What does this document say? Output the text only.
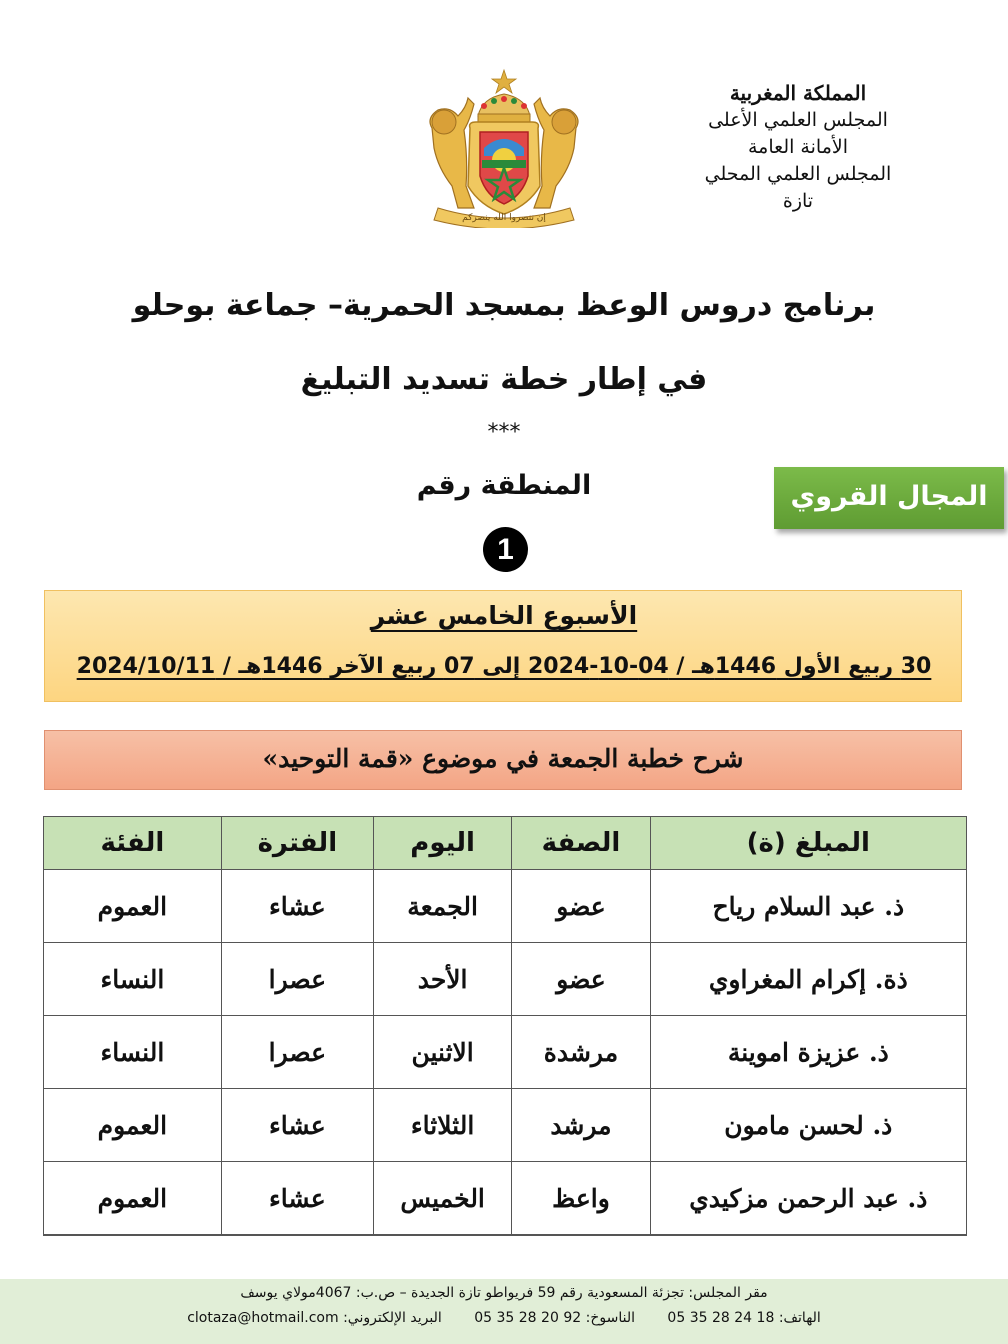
المملكة المغربية
المجلس العلمي الأعلى
الأمانة العامة
المجلس العلمي المحلي
تازة
إن تنصروا الله ينصركم
برنامج دروس الوعظ بمسجد الحمرية– جماعة بوحلو
في إطار خطة تسديد التبليغ
***
المنطقة رقم
1
المجال القروي
الأسبوع الخامس عشر
30 ربيع الأول 1446هـ / 04-10-2024 إلى 07 ربيع الآخر 1446هـ / 2024/10/11
شرح خطبة الجمعة في موضوع «قمة التوحيد»
المبلغ (ة)	الصفة	اليوم	الفترة	الفئة
ذ. عبد السلام رياح	عضو	الجمعة	عشاء	العموم
ذة. إكرام المغراوي	عضو	الأحد	عصرا	النساء
ذ. عزيزة اموينة	مرشدة	الاثنين	عصرا	النساء
ذ. لحسن مامون	مرشد	الثلاثاء	عشاء	العموم
ذ. عبد الرحمن مزكيدي	واعظ	الخميس	عشاء	العموم
مقر المجلس: تجزئة المسعودية رقم 59 فريواطو تازة الجديدة – ص.ب: 4067مولاي يوسف
الهاتف: 18 24 28 35 05 الناسوخ: 92 20 28 35 05 البريد الإلكتروني: clotaza@hotmail.com
